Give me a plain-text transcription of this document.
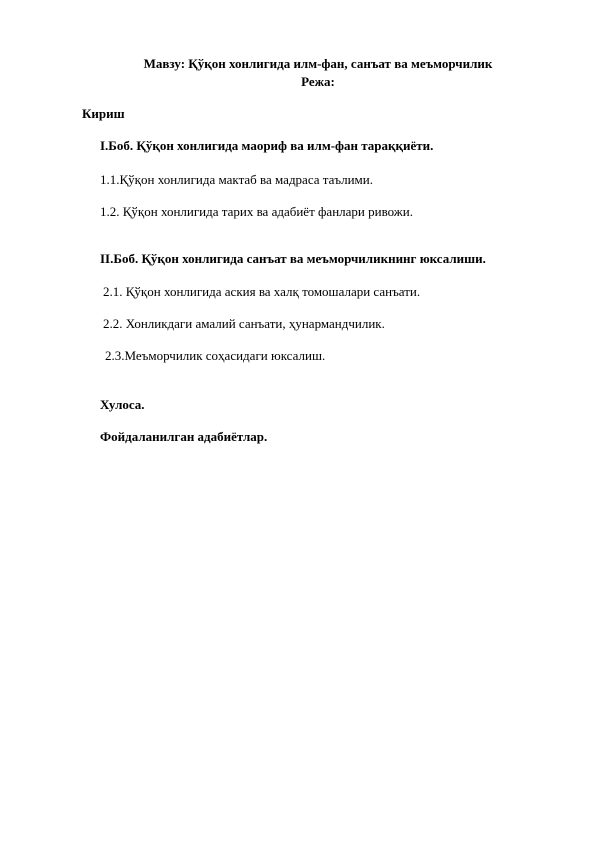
Мавзу: Қўқон хонлигида илм-фан, санъат ва меъморчилик
Режа:
Кириш
I.Боб. Қўқон хонлигида маориф ва илм-фан тараққиёти.
1.1.Қўқон хонлигида мактаб ва мадраса таълими.
1.2. Қўқон хонлигида тарих ва адабиёт фанлари ривожи.
II.Боб. Қўқон хонлигида санъат ва меъморчиликнинг юксалиши.
2.1. Қўқон хонлигида аския ва халқ томошалари санъати.
2.2. Хонликдаги амалий санъати, ҳунармандчилик.
2.3.Меъморчилик соҳасидаги юксалиш.
Хулоса.
Фойдаланилган адабиётлар.
